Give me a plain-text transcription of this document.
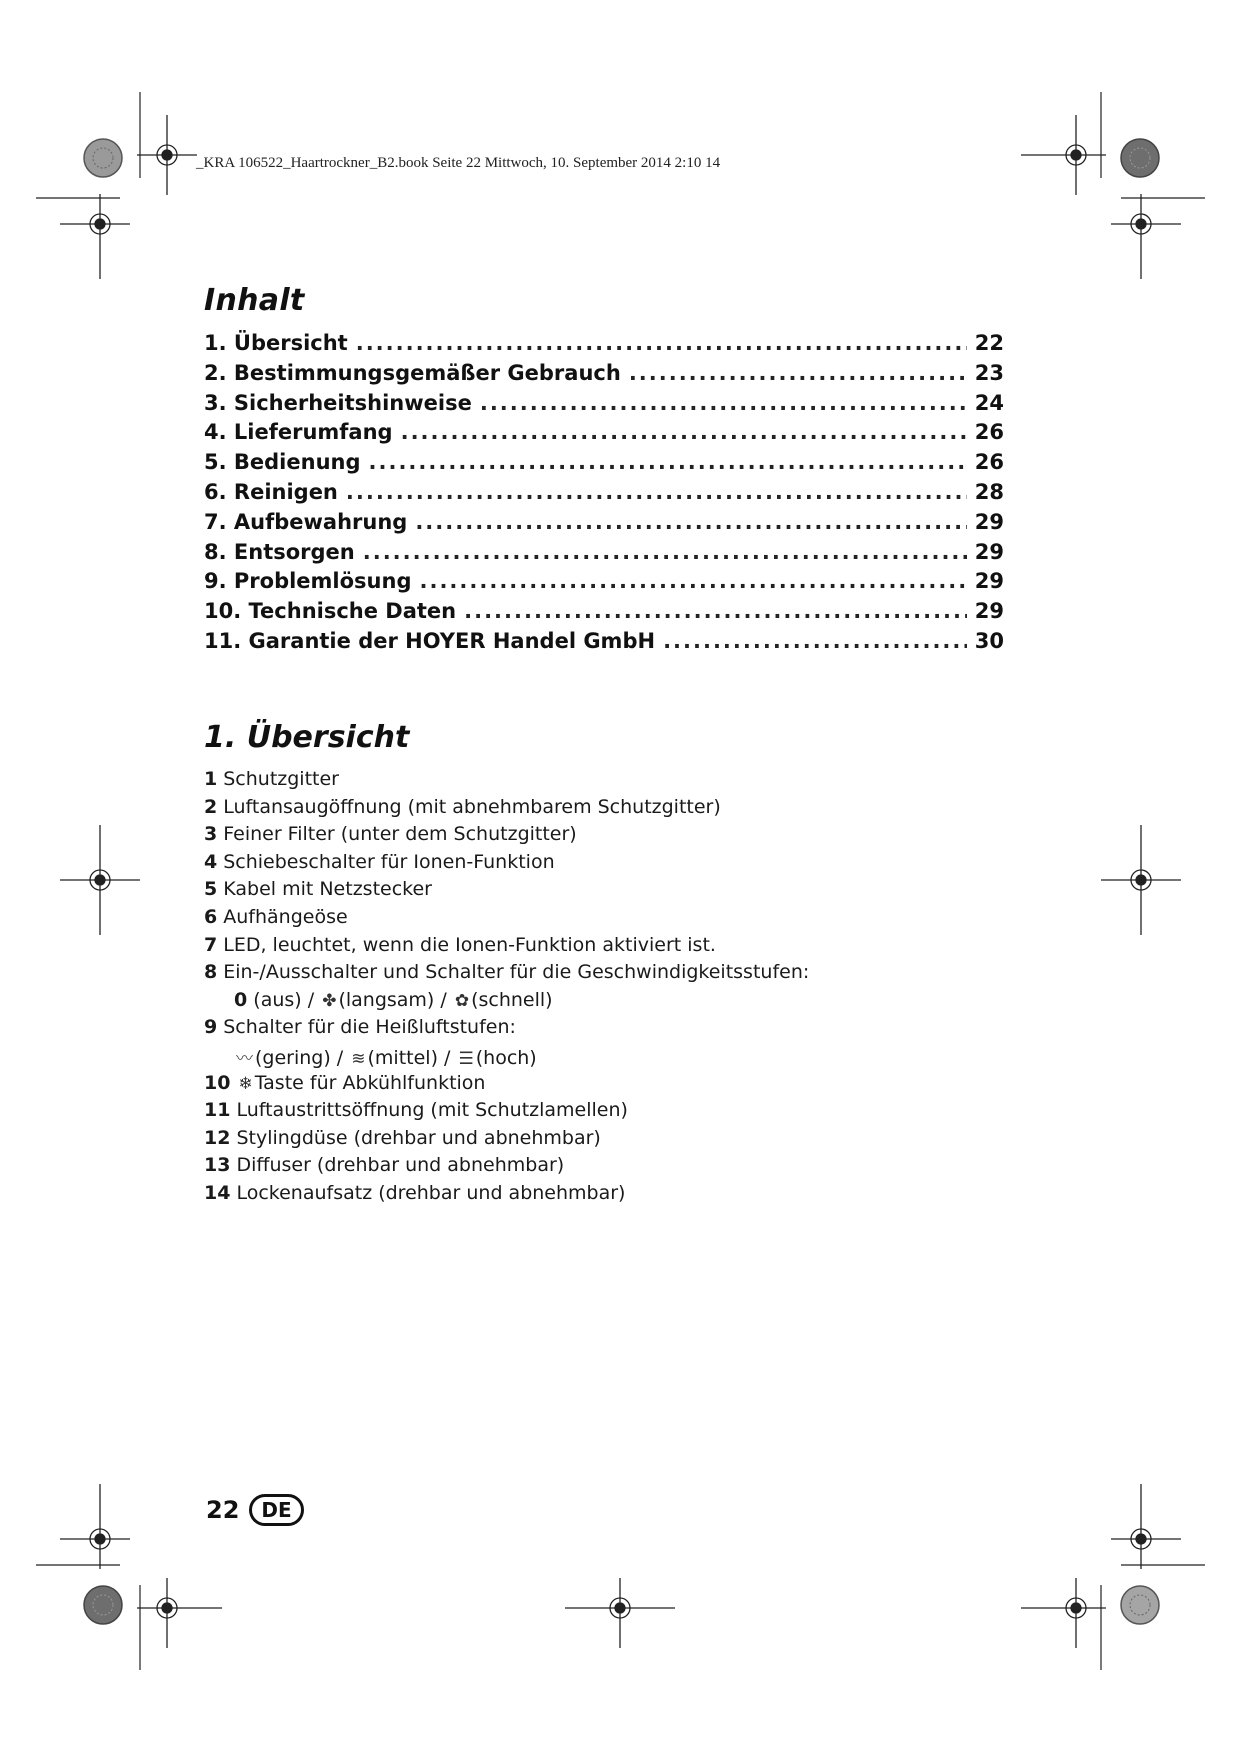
_KRA 106522_Haartrockner_B2.book Seite 22 Mittwoch, 10. September 2014 2:10 14
Inhalt
1. Übersicht .....	22
2. Bestimmungsgemäßer Gebrauch .....	23
3. Sicherheitshinweise .....	24
4. Lieferumfang .....	26
5. Bedienung .....	26
6. Reinigen .....	28
7. Aufbewahrung .....	29
8. Entsorgen .....	29
9. Problemlösung .....	29
10. Technische Daten .....	29
11. Garantie der HOYER Handel GmbH .....	30
1. Übersicht
1 Schutzgitter
2 Luftansaugöffnung (mit abnehmbarem Schutzgitter)
3 Feiner Filter (unter dem Schutzgitter)
4 Schiebeschalter für Ionen-Funktion
5 Kabel mit Netzstecker
6 Aufhängeöse
7 LED, leuchtet, wenn die Ionen-Funktion aktiviert ist.
8 Ein-/Ausschalter und Schalter für die Geschwindigkeitsstufen:
0 (aus) / ✤ (langsam) / ✿ (schnell)
9 Schalter für die Heißluftstufen:
〰 (gering) / ≋ (mittel) / ☰ (hoch)
10 ❄ Taste für Abkühlfunktion
11 Luftaustrittsöffnung (mit Schutzlamellen)
12 Stylingdüse (drehbar und abnehmbar)
13 Diffuser (drehbar und abnehmbar)
14 Lockenaufsatz (drehbar und abnehmbar)
22	DE
